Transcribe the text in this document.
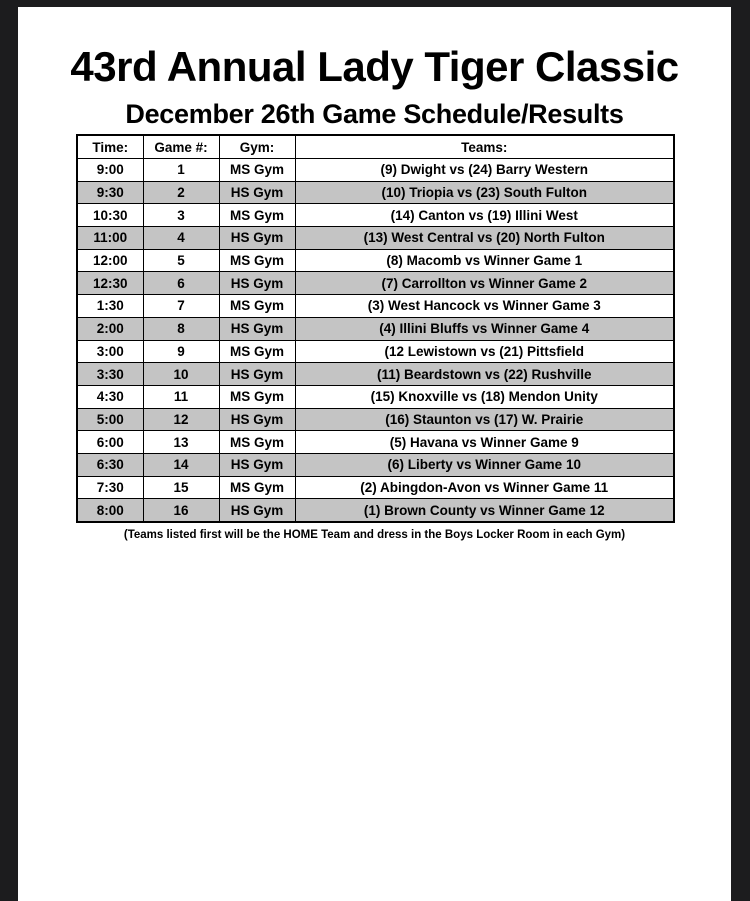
43rd Annual Lady Tiger Classic
December 26th Game Schedule/Results
Time:	Game #:	Gym:	Teams:
9:00	1	MS Gym	(9) Dwight vs (24) Barry Western
9:30	2	HS Gym	(10) Triopia vs (23) South Fulton
10:30	3	MS Gym	(14) Canton vs (19) Illini West
11:00	4	HS Gym	(13) West Central vs (20) North Fulton
12:00	5	MS Gym	(8) Macomb vs Winner Game 1
12:30	6	HS Gym	(7) Carrollton vs Winner Game 2
1:30	7	MS Gym	(3) West Hancock vs Winner Game 3
2:00	8	HS Gym	(4) Illini Bluffs vs Winner Game 4
3:00	9	MS Gym	(12 Lewistown vs (21) Pittsfield
3:30	10	HS Gym	(11) Beardstown vs (22) Rushville
4:30	11	MS Gym	(15) Knoxville vs (18) Mendon Unity
5:00	12	HS Gym	(16) Staunton vs (17) W. Prairie
6:00	13	MS Gym	(5) Havana vs Winner Game 9
6:30	14	HS Gym	(6) Liberty vs Winner Game 10
7:30	15	MS Gym	(2) Abingdon-Avon vs Winner Game 11
8:00	16	HS Gym	(1) Brown County vs Winner Game 12
(Teams listed first will be the HOME Team and dress in the Boys Locker Room in each Gym)
